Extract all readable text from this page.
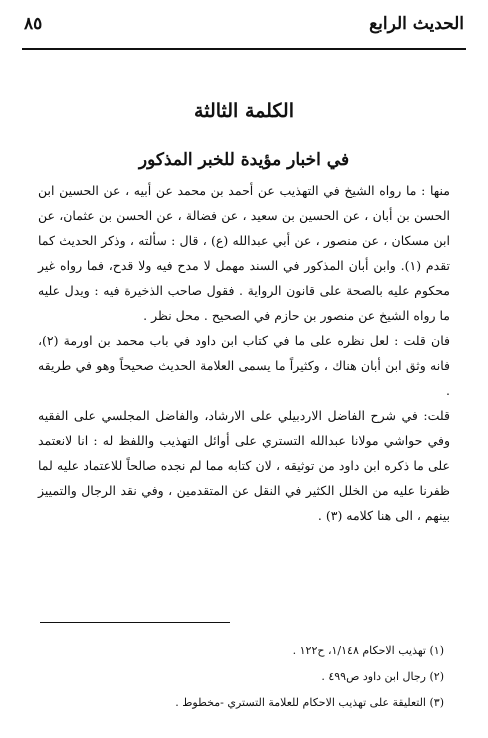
الحديث الرابع
٨٥
الكلمة الثالثة
في اخبار مؤيدة للخبر المذكور

منها : ما رواه الشيخ في التهذيب عن أحمد بن محمد عن أبيه ، عن الحسين ابن الحسن بن أبان ، عن الحسين بن سعيد ، عن فضالة ، عن الحسن بن عثمان، عن ابن مسكان ، عن منصور ، عن أبي عبدالله (ع) ، قال : سألته ، وذكر الحديث كما تقدم (١). وابن أبان المذكور في السند مهمل لا مدح فيه ولا قدح، فما رواه غير محكوم عليه بالصحة على قانون الرواية . فقول صاحب الذخيرة فيه : ويدل عليه ما رواه الشيخ عن منصور بن حازم في الصحيح . محل نظر .

فان قلت : لعل نظره على ما في كتاب ابن داود في باب محمد بن اورمة (٢)، فانه وثق ابن أبان هناك ، وكثيراً ما يسمى العلامة الحديث صحيحاً وهو في طريقه .

قلت: في شرح الفاضل الاردبيلي على الارشاد، والفاضل المجلسي على الفقيه وفي حواشي مولانا عبدالله التستري على أوائل التهذيب واللفظ له : انا لانعتمد على ما ذكره ابن داود من توثيقه ، لان كتابه مما لم نجده صالحاً للاعتماد عليه لما ظفرنا عليه من الخلل الكثير في النقل عن المتقدمين ، وفي نقد الرجال والتمييز بينهم ، الى هنا كلامه (٣) .

(١) تهذيب الاحكام ١/١٤٨، ح١٢٢ .
(٢) رجال ابن داود ص٤٩٩ .
(٣) التعليقة على تهذيب الاحكام للعلامة التستري -مخطوط .
